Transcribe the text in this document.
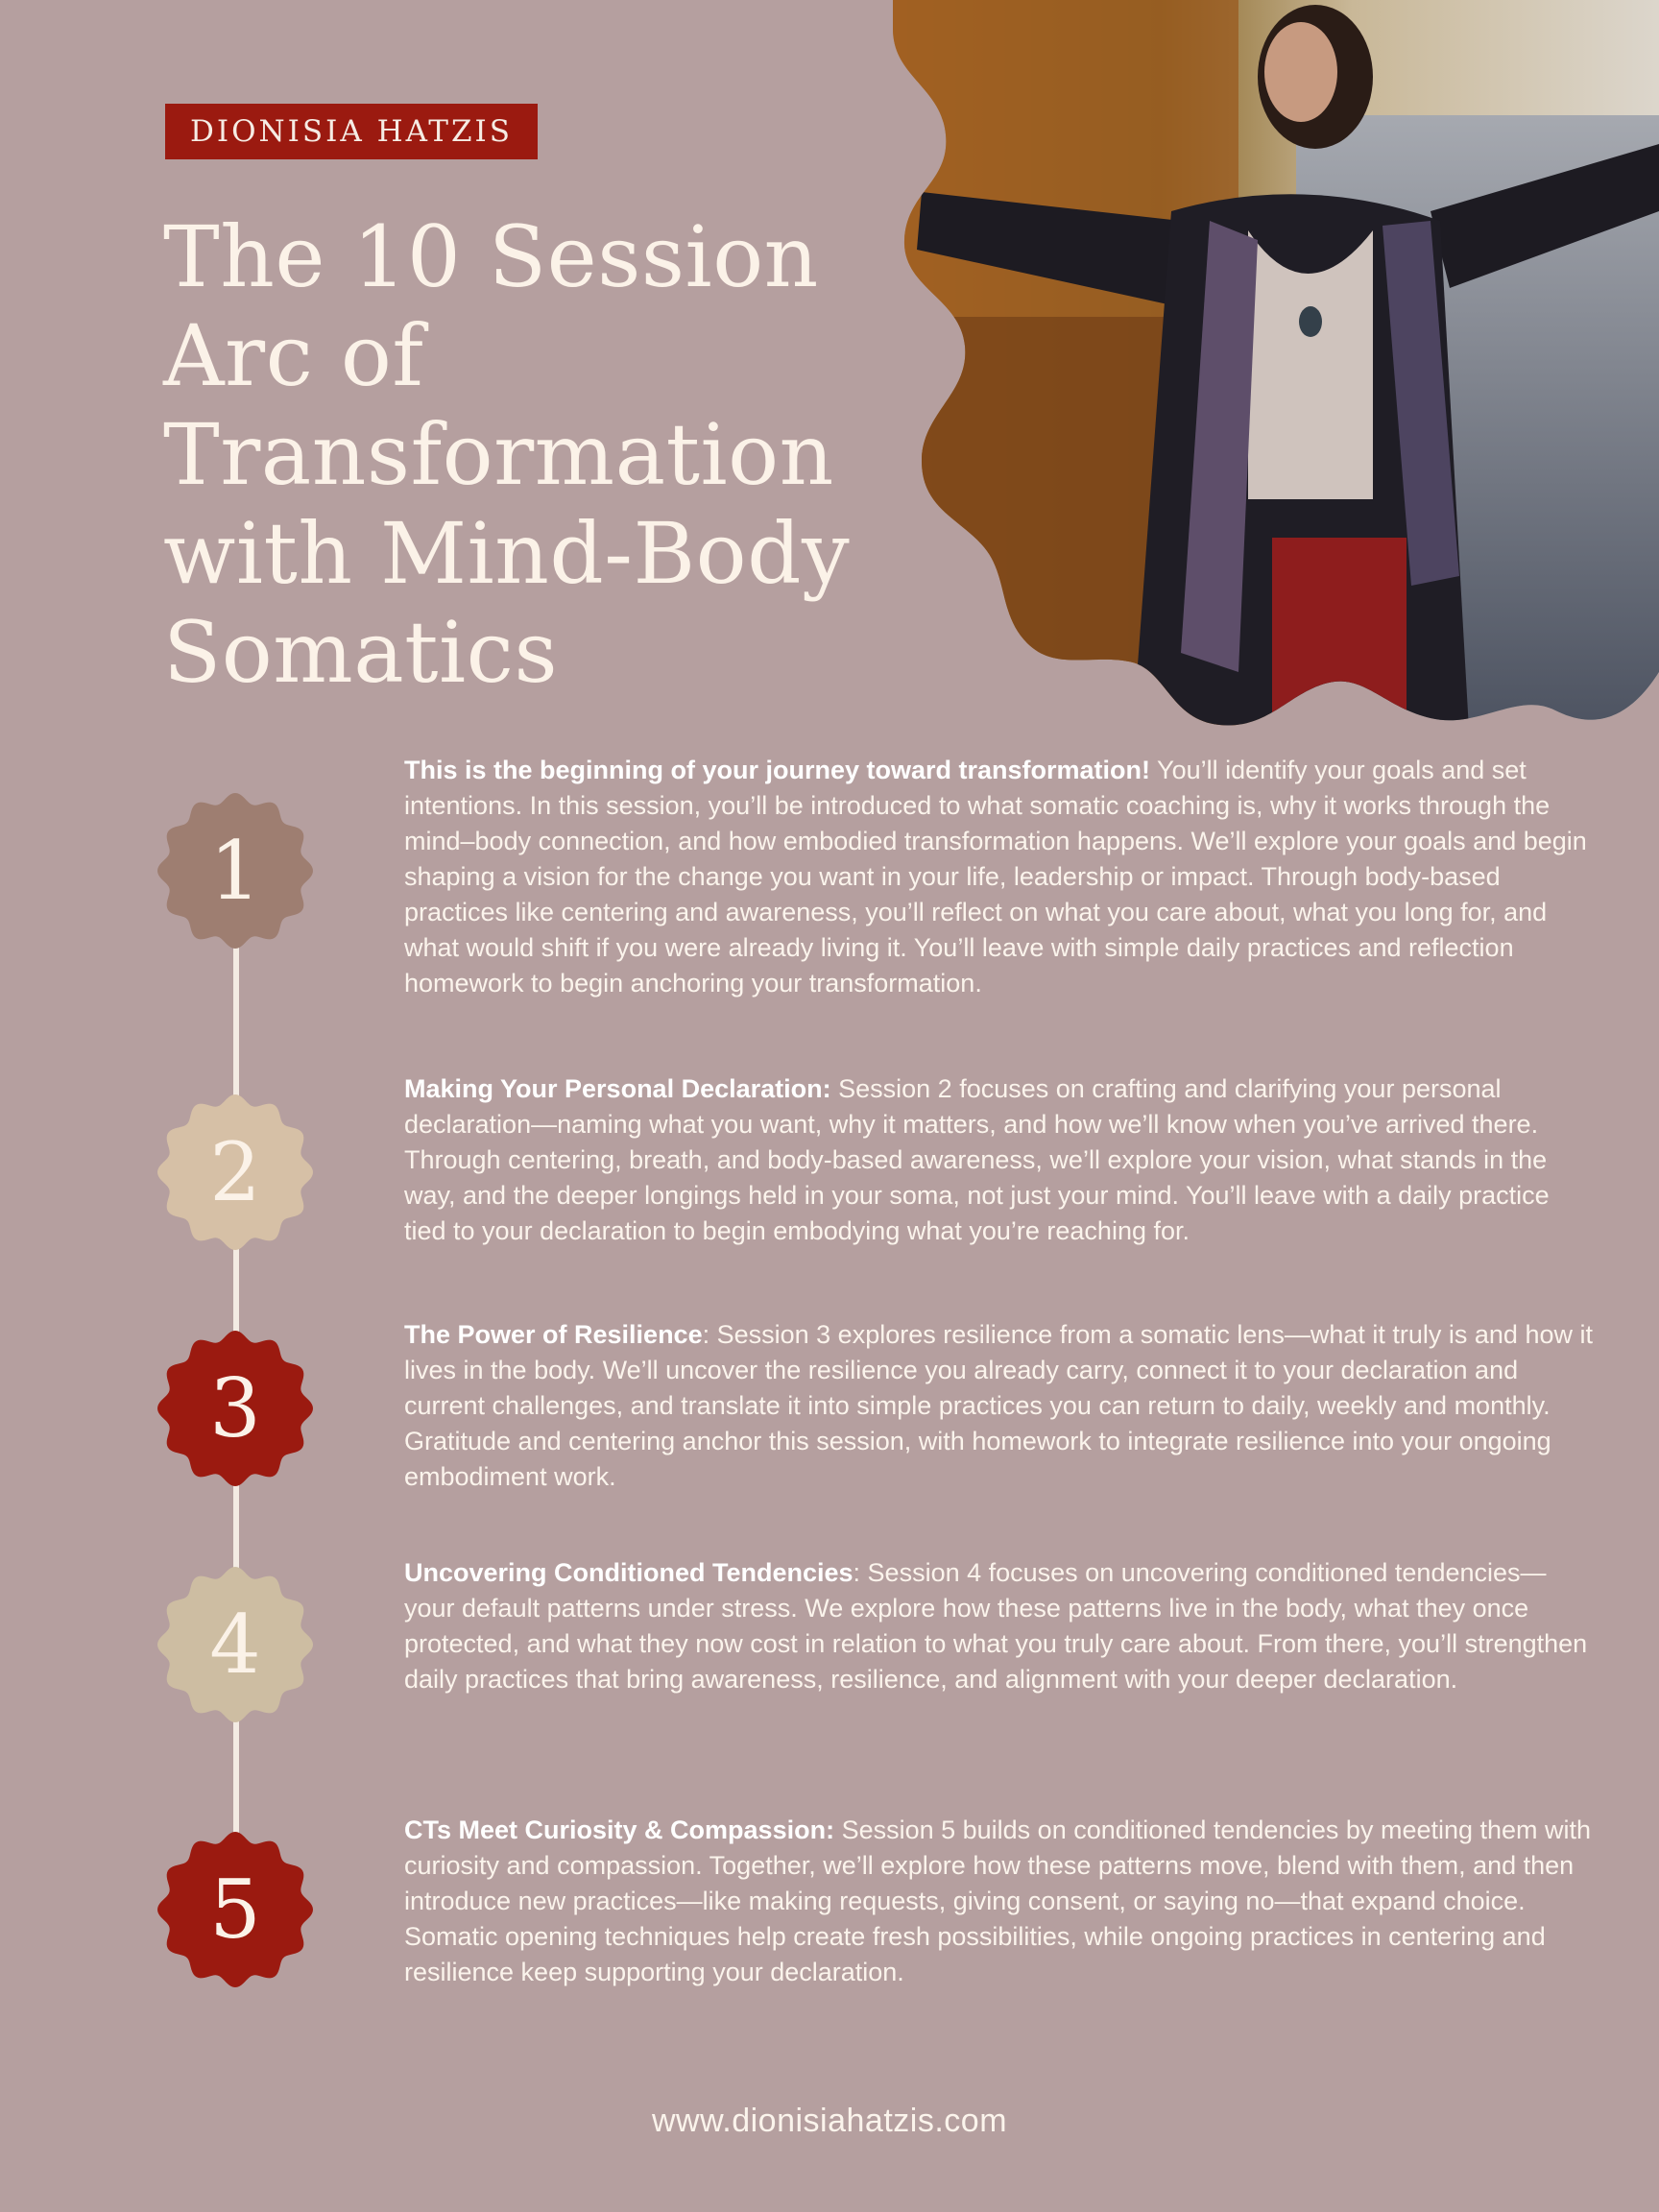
DIONISIA HATZIS
The 10 Session
Arc of
Transformation
with Mind-Body
Somatics
1
2
3
4
5

This is the beginning of your journey toward transformation! You’ll identify your goals and set intentions. In this session, you’ll be introduced to what somatic coaching is, why it works through the mind–body connection, and how embodied transformation happens. We’ll explore your goals and begin shaping a vision for the change you want in your life, leadership or impact. Through body-based practices like centering and awareness, you’ll reflect on what you care about, what you long for, and what would shift if you were already living it. You’ll leave with simple daily practices and reflection homework to begin anchoring your transformation.

Making Your Personal Declaration: Session 2 focuses on crafting and clarifying your personal declaration—naming what you want, why it matters, and how we’ll know when you’ve arrived there. Through centering, breath, and body-based awareness, we’ll explore your vision, what stands in the way, and the deeper longings held in your soma, not just your mind. You’ll leave with a daily practice tied to your declaration to begin embodying what you’re reaching for.

The Power of Resilience: Session 3 explores resilience from a somatic lens—what it truly is and how it lives in the body. We’ll uncover the resilience you already carry, connect it to your declaration and current challenges, and translate it into simple practices you can return to daily, weekly and monthly. Gratitude and centering anchor this session, with homework to integrate resilience into your ongoing embodiment work.

Uncovering Conditioned Tendencies: Session 4 focuses on uncovering conditioned tendencies—your default patterns under stress. We explore how these patterns live in the body, what they once protected, and what they now cost in relation to what you truly care about. From there, you’ll strengthen daily practices that bring awareness, resilience, and alignment with your deeper declaration.

CTs Meet Curiosity & Compassion: Session 5 builds on conditioned tendencies by meeting them with curiosity and compassion. Together, we’ll explore how these patterns move, blend with them, and then introduce new practices—like making requests, giving consent, or saying no—that expand choice. Somatic opening techniques help create fresh possibilities, while ongoing practices in centering and resilience keep supporting your declaration.

www.dionisiahatzis.com
